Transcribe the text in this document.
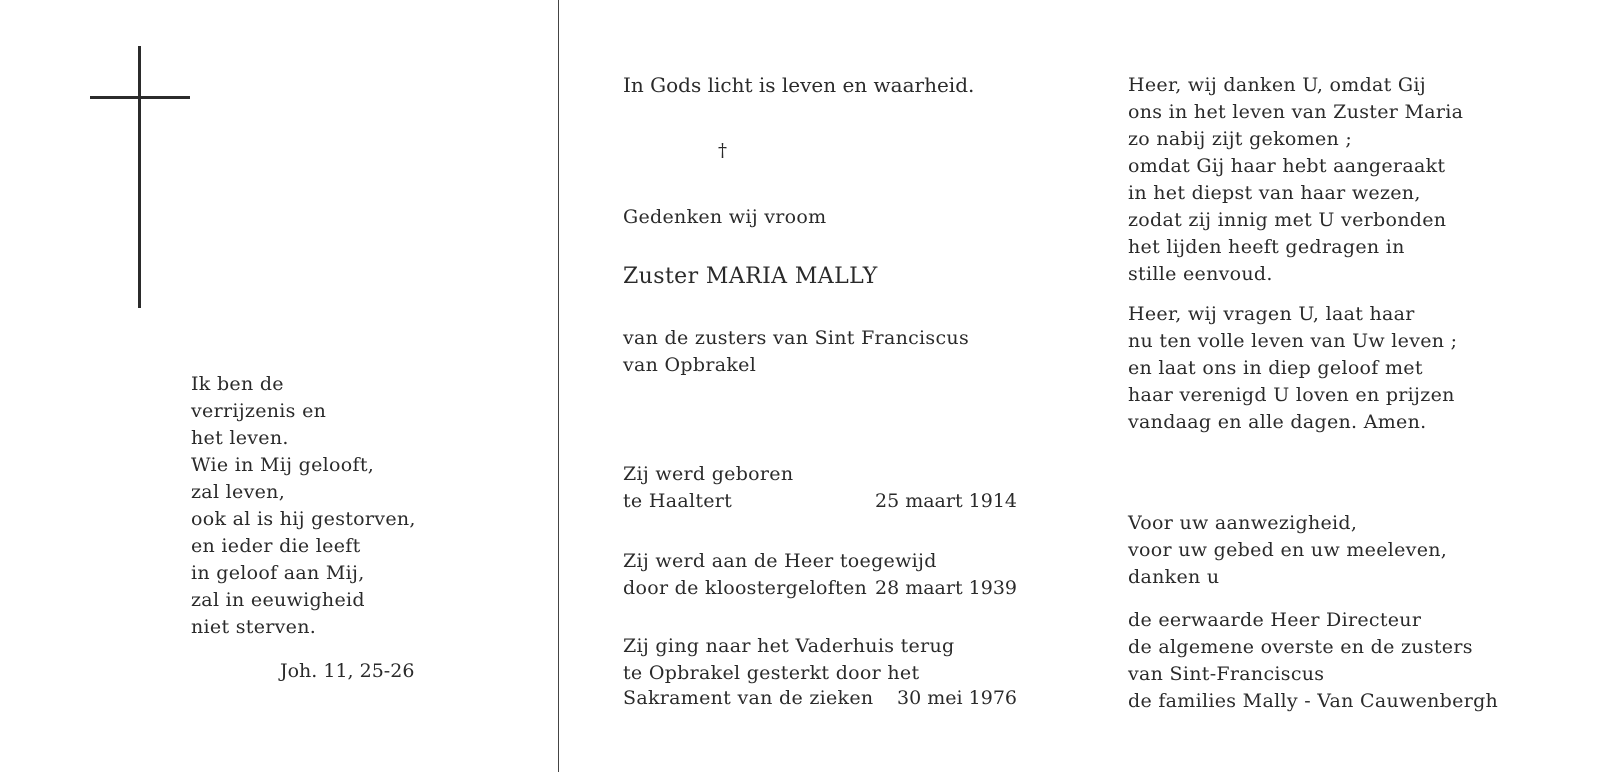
Ik ben de
verrijzenis en
het leven.
Wie in Mij gelooft,
zal leven,
ook al is hij gestorven,
en ieder die leeft
in geloof aan Mij,
zal in eeuwigheid
niet sterven.
Joh. 11, 25-26
In Gods licht is leven en waarheid.
†
Gedenken wij vroom
Zuster MARIA MALLY
van de zusters van Sint Franciscus
van Opbrakel
Zij werd geboren
te Haaltert	25 maart 1914
Zij werd aan de Heer toegewijd
door de kloostergeloften 28 maart 1939
Zij ging naar het Vaderhuis terug
te Opbrakel gesterkt door het
Sakrament van de zieken 30 mei 1976
Heer, wij danken U, omdat Gij
ons in het leven van Zuster Maria
zo nabij zijt gekomen ;
omdat Gij haar hebt aangeraakt
in het diepst van haar wezen,
zodat zij innig met U verbonden
het lijden heeft gedragen in
stille eenvoud.
Heer, wij vragen U, laat haar
nu ten volle leven van Uw leven ;
en laat ons in diep geloof met
haar verenigd U loven en prijzen
vandaag en alle dagen. Amen.
Voor uw aanwezigheid,
voor uw gebed en uw meeleven,
danken u
de eerwaarde Heer Directeur
de algemene overste en de zusters
van Sint-Franciscus
de families Mally - Van Cauwenbergh
